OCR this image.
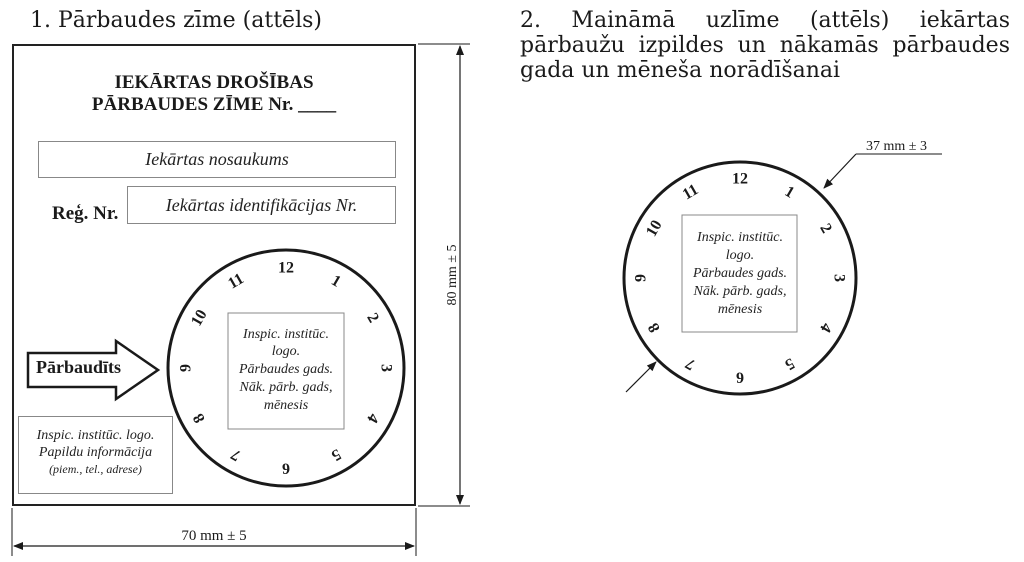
1. Pārbaudes zīme (attēls)	2. Maināmā uzlīme (attēls) iekārtas pārbaužu izpildes un nākamās pārbaudes gada un mēneša norādīšanai
IEKĀRTAS DROŠĪBAS
PĀRBAUDES ZĪME Nr. ____
Iekārtas nosaukums
Reģ. Nr.	Iekārtas identifikācijas Nr.
Inspic. institūc. logo.
Papildu informācija
(piem., tel., adrese)
1
2
3
4
5
6
7
8
9
10
11
12
Inspic. institūc.
logo.
Pārbaudes gads.
Nāk. pārb. gads,
mēnesis
1
2
3
4
5
6
7
8
9
10
11
12
Inspic. institūc.
logo.
Pārbaudes gads.
Nāk. pārb. gads,
mēnesis
37 mm ± 3
70 mm ± 5
80 mm ± 5
Pārbaudīts
